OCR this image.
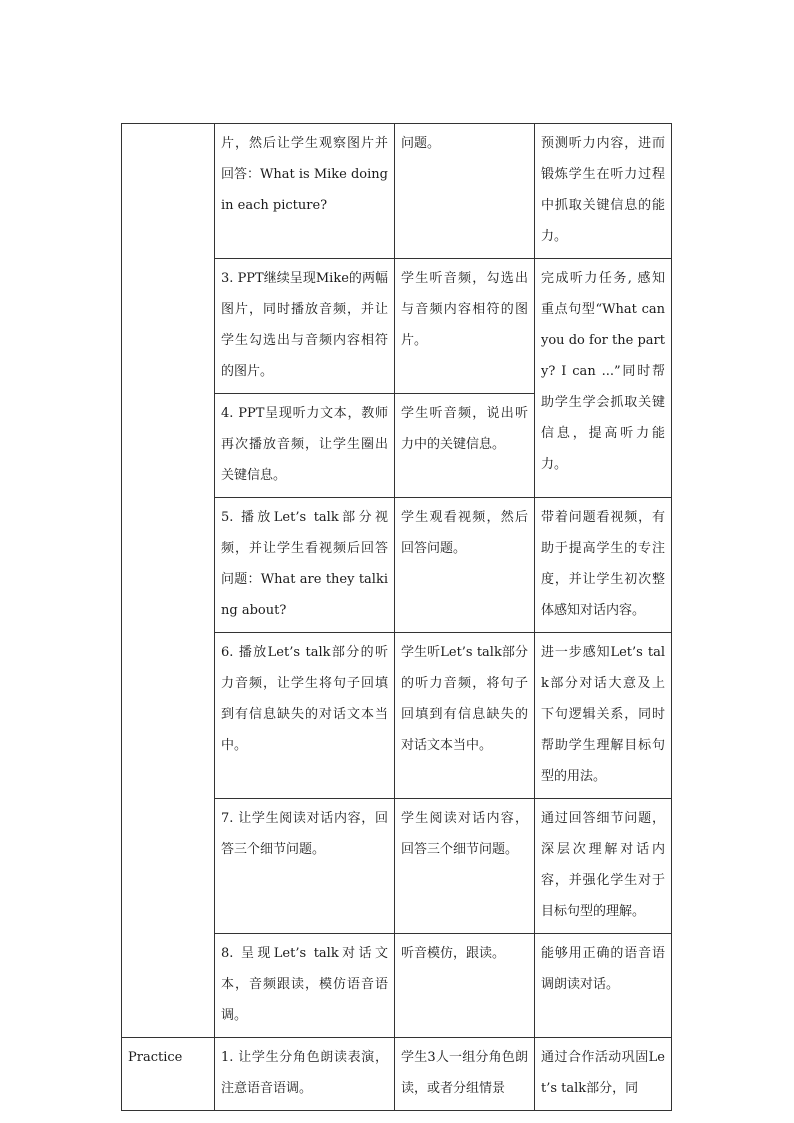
	片，然后让学生观察图片并回答：What is Mike doing in each picture?	问题。	预测听力内容，进而锻炼学生在听力过程中抓取关键信息的能力。
	3. PPT继续呈现Mike的两幅图片，同时播放音频，并让学生勾选出与音频内容相符的图片。	学生听音频，勾选出与音频内容相符的图片。	完成听力任务, 感知重点句型“What can you do for the party? I can ...”同时帮助学生学会抓取关键信息，提高听力能力。
	4. PPT呈现听力文本，教师再次播放音频，让学生圈出关键信息。	学生听音频，说出听力中的关键信息。	
	5. 播放Let’s talk部分视频，并让学生看视频后回答问题：What are they talking about?	学生观看视频，然后回答问题。	带着问题看视频，有助于提高学生的专注度，并让学生初次整体感知对话内容。
	6. 播放Let’s talk部分的听力音频，让学生将句子回填到有信息缺失的对话文本当中。	学生听Let’s talk部分的听力音频，将句子回填到有信息缺失的对话文本当中。	进一步感知Let’s talk部分对话大意及上下句逻辑关系，同时帮助学生理解目标句型的用法。
	7. 让学生阅读对话内容，回答三个细节问题。	学生阅读对话内容，回答三个细节问题。	通过回答细节问题，深层次理解对话内容，并强化学生对于目标句型的理解。
	8. 呈现Let’s talk对话文本，音频跟读，模仿语音语调。	听音模仿，跟读。	能够用正确的语音语调朗读对话。
Practice	1. 让学生分角色朗读表演，注意语音语调。	学生3人一组分角色朗读，或者分组情景	通过合作活动巩固Let’s talk部分，同
